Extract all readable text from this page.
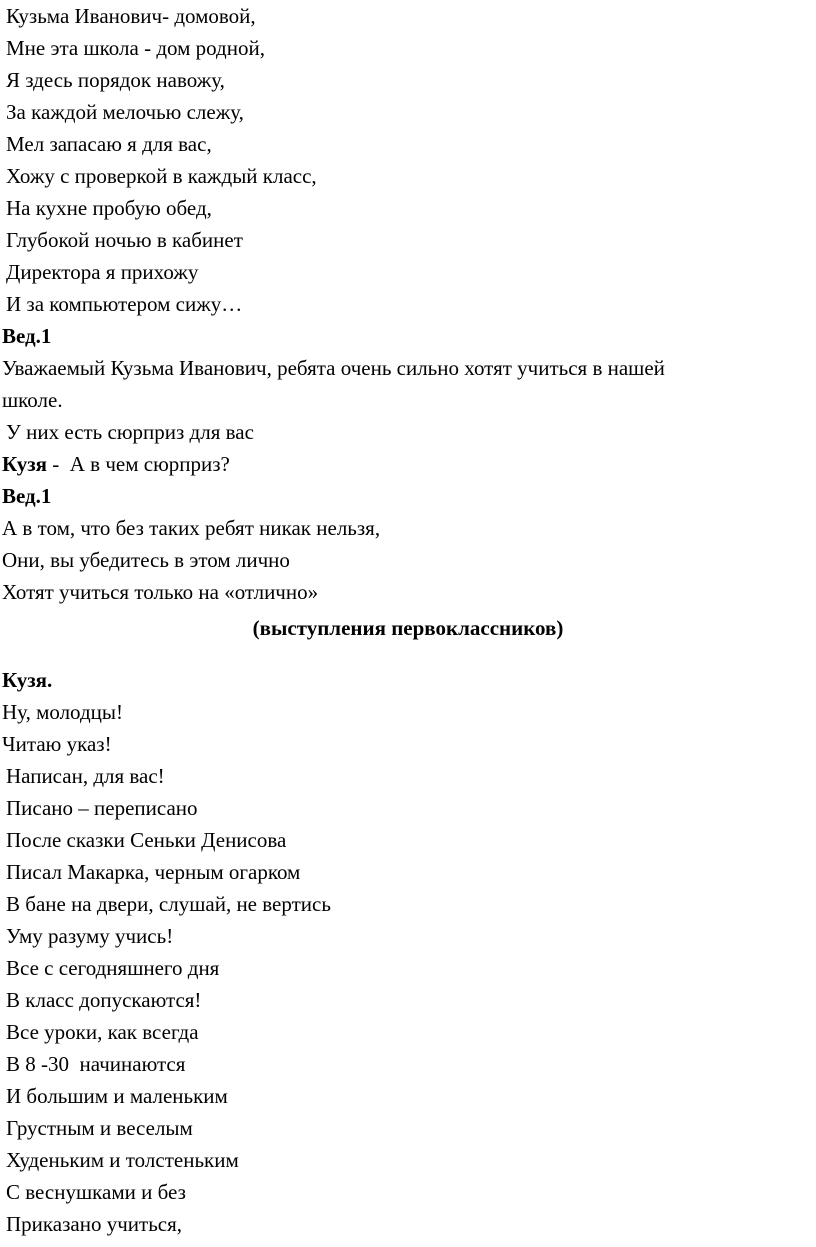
Кузьма Иванович- домовой,
Мне эта школа - дом родной,
Я здесь порядок навожу,
За каждой мелочью слежу,
Мел запасаю я для вас,
Хожу с проверкой в каждый класс,
На кухне пробую обед,
Глубокой ночью в кабинет
Директора я прихожу
И за компьютером сижу…
Вед.1
Уважаемый Кузьма Иванович, ребята очень сильно хотят учиться в нашей
школе.
У них есть сюрприз для вас
Кузя -  А в чем сюрприз?
Вед.1
А в том, что без таких ребят никак нельзя,
Они, вы убедитесь в этом лично
Хотят учиться только на «отлично»
(выступления первоклассников)
Кузя.
Ну, молодцы!
Читаю указ!
Написан, для вас!
Писано – переписано
После сказки Сеньки Денисова
Писал Макарка, черным огарком
В бане на двери, слушай, не вертись
Уму разуму учись!
Все с сегодняшнего дня
В класс допускаются!
Все уроки, как всегда
В 8 -30  начинаются
И большим и маленьким
Грустным и веселым
Худеньким и толстеньким
С веснушками и без
Приказано учиться,
